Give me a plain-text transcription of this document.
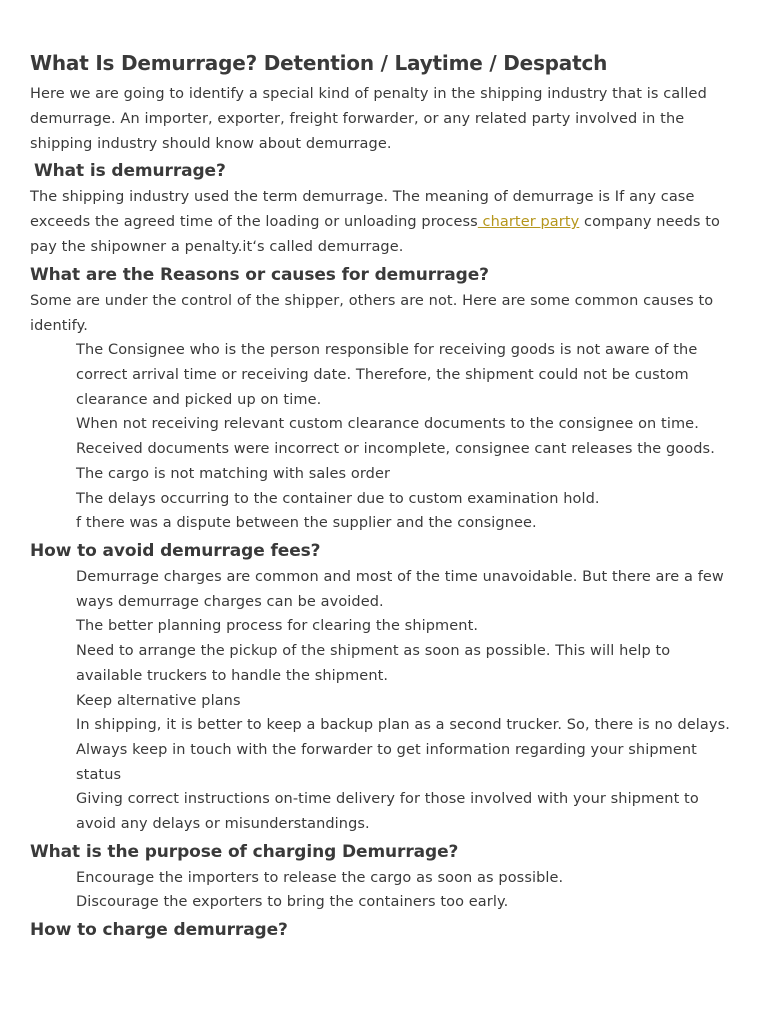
What Is Demurrage? Detention / Laytime / Despatch

Here we are going to identify a special kind of penalty in the shipping industry that is called demurrage. An importer, exporter, freight forwarder, or any related party involved in the shipping industry should know about demurrage.

What is demurrage?

The shipping industry used the term demurrage. The meaning of demurrage is If any case exceeds the agreed time of the loading or unloading process charter party company needs to pay the shipowner a penalty.it‘s called demurrage.

What are the Reasons or causes for demurrage?

Some are under the control of the shipper, others are not. Here are some common causes to identify.

The Consignee who is the person responsible for receiving goods is not aware of the correct arrival time or receiving date. Therefore, the shipment could not be custom clearance and picked up on time.
When not receiving relevant custom clearance documents to the consignee on time.
Received documents were incorrect or incomplete, consignee cant releases the goods.
The cargo is not matching with sales order
The delays occurring to the container due to custom examination hold.
f there was a dispute between the supplier and the consignee.
How to avoid demurrage fees?
Demurrage charges are common and most of the time unavoidable. But there are a few ways demurrage charges can be avoided.
The better planning process for clearing the shipment.
Need to arrange the pickup of the shipment as soon as possible. This will help to available truckers to handle the shipment.
Keep alternative plans
In shipping, it is better to keep a backup plan as a second trucker. So, there is no delays.
Always keep in touch with the forwarder to get information regarding your shipment status
Giving correct instructions on-time delivery for those involved with your shipment to avoid any delays or misunderstandings.
What is the purpose of charging Demurrage?
Encourage the importers to release the cargo as soon as possible.
Discourage the exporters to bring the containers too early.
How to charge demurrage?
